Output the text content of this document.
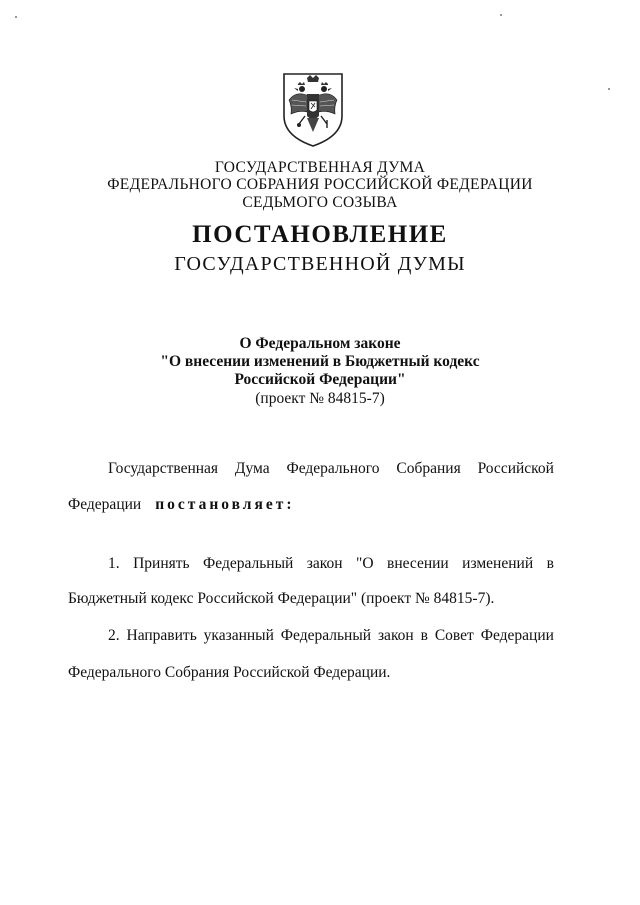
ГОСУДАРСТВЕННАЯ ДУМА
ФЕДЕРАЛЬНОГО СОБРАНИЯ РОССИЙСКОЙ ФЕДЕРАЦИИ
СЕДЬМОГО СОЗЫВА
ПОСТАНОВЛЕНИЕ
ГОСУДАРСТВЕННОЙ ДУМЫ
О Федеральном законе
"О внесении изменений в Бюджетный кодекс
Российской Федерации"
(проект № 84815-7)
Государственная Дума Федерального Собрания Российской
Федерации постановляет:
1. Принять Федеральный закон "О внесении изменений в
Бюджетный кодекс Российской Федерации" (проект № 84815-7).
2. Направить указанный Федеральный закон в Совет Федерации
Федерального Собрания Российской Федерации.
